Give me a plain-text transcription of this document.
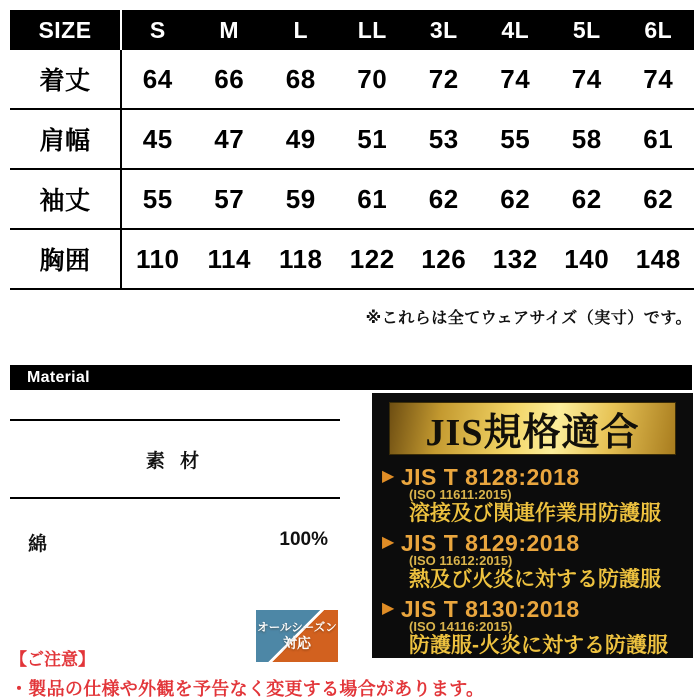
SIZE	S	M	L	LL	3L	4L	5L	6L
着丈	64	66	68	70	72	74	74	74
肩幅	45	47	49	51	53	55	58	61
袖丈	55	57	59	61	62	62	62	62
胸囲	110	114	118	122	126	132	140	148
※これらは全てウェアサイズ（実寸）です。
Material
素 材
綿	100%
JIS規格適合
▶ JIS T 8128:2018
(ISO 11611:2015)
溶接及び関連作業用防護服
▶ JIS T 8129:2018
(ISO 11612:2015)
熱及び火炎に対する防護服
▶ JIS T 8130:2018
(ISO 14116:2015)
防護服-火炎に対する防護服
オールシーズン
対応
【ご注意】
・製品の仕様や外観を予告なく変更する場合があります。
